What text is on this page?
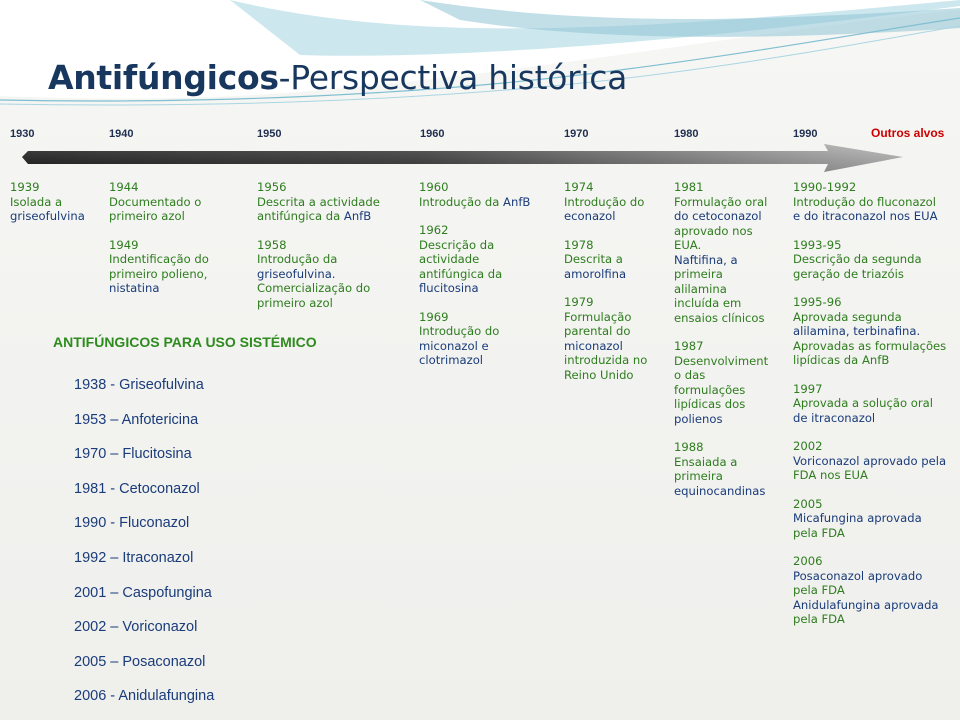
Antifúngicos-Perspectiva histórica
1930	1940	1950	1960	1970	1980	1990	Outros alvos
1939
Isolada a
griseofulvina
1944
Documentado o
primeiro azol
1949
Indentificação do
primeiro polieno,
nistatina
1956
Descrita a actividade
antifúngica da AnfB
1958
Introdução da
griseofulvina.
Comercialização do
primeiro azol
1960
Introdução da AnfB
1962
Descrição da
actividade
antifúngica da
flucitosina
1969
Introdução do
miconazol e
clotrimazol
1974
Introdução do
econazol
1978
Descrita a
amorolfina
1979
Formulação
parental do
miconazol
introduzida no
Reino Unido
1981
Formulação oral
do cetoconazol
aprovado nos
EUA.
Naftifina, a
primeira
alilamina
incluída em
ensaios clínicos
1987
Desenvolviment
o das
formulações
lipídicas dos
polienos
1988
Ensaiada a
primeira
equinocandinas
1990-1992
Introdução do fluconazol
e do itraconazol nos EUA
1993-95
Descrição da segunda
geração de triazóis
1995-96
Aprovada segunda
alilamina, terbinafina.
Aprovadas as formulações
lipídicas da AnfB
1997
Aprovada a solução oral
de itraconazol
2002
Voriconazol aprovado pela
FDA nos EUA
2005
Micafungina aprovada
pela FDA
2006
Posaconazol aprovado
pela FDA
Anidulafungina aprovada
pela FDA
ANTIFÚNGICOS PARA USO SISTÉMICO
1938 - Griseofulvina
1953 – Anfotericina
1970 – Flucitosina
1981 - Cetoconazol
1990 - Fluconazol
1992 – Itraconazol
2001 – Caspofungina
2002 – Voriconazol
2005 – Posaconazol
2006 - Anidulafungina
